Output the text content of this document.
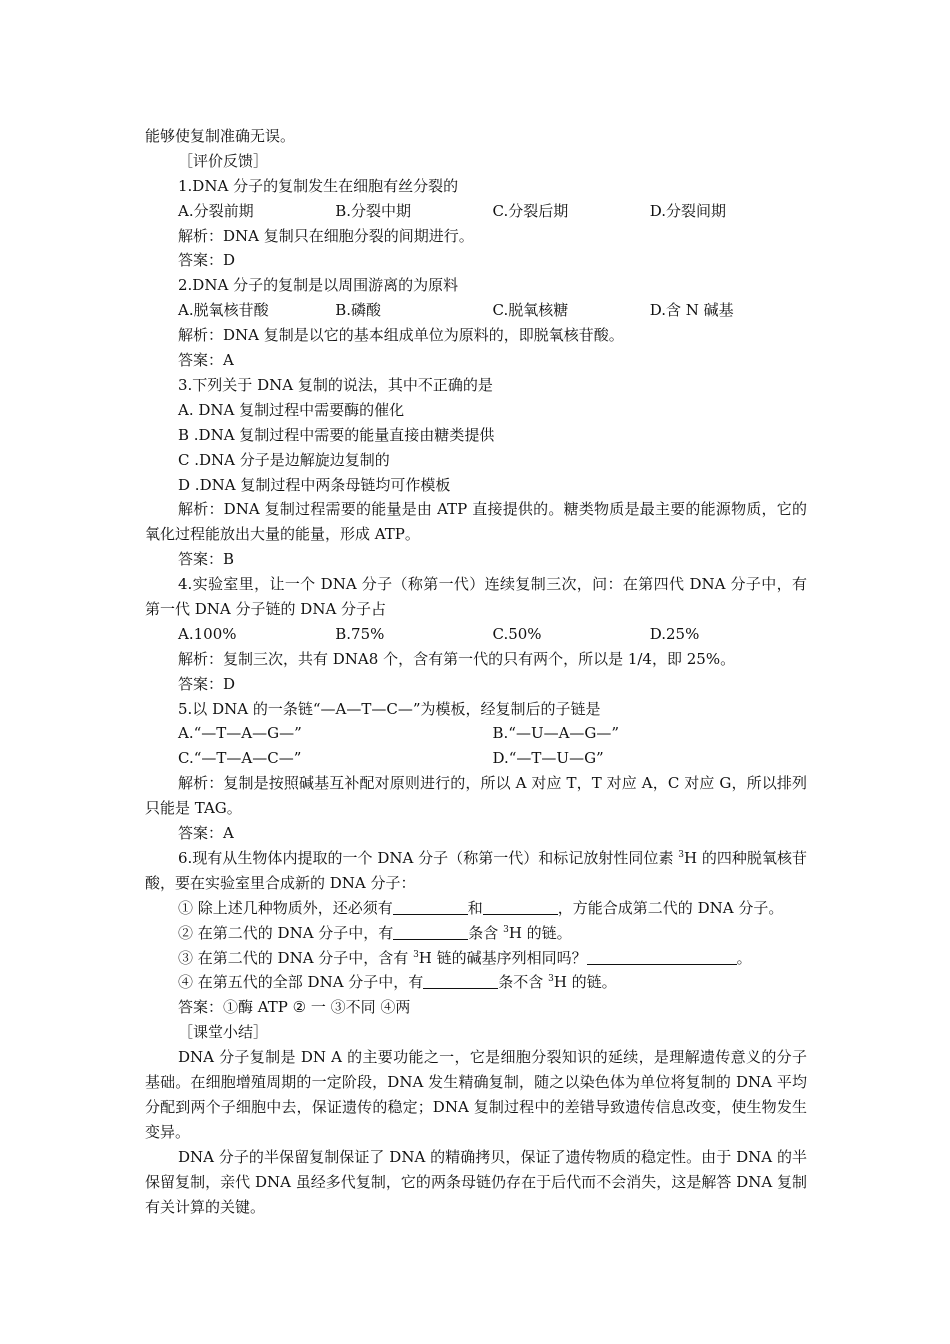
能够使复制准确无误。
［评价反馈］
1.DNA 分子的复制发生在细胞有丝分裂的
A.分裂前期	B.分裂中期	C.分裂后期	D.分裂间期
解析：DNA 复制只在细胞分裂的间期进行。
答案：D
2.DNA 分子的复制是以周围游离的为原料
A.脱氧核苷酸	B.磷酸	C.脱氧核糖	D.含 N 碱基
解析：DNA 复制是以它的基本组成单位为原料的，即脱氧核苷酸。
答案：A
3.下列关于 DNA 复制的说法，其中不正确的是
A. DNA 复制过程中需要酶的催化
B .DNA 复制过程中需要的能量直接由糖类提供
C .DNA 分子是边解旋边复制的
D .DNA 复制过程中两条母链均可作模板
解析：DNA 复制过程需要的能量是由 ATP 直接提供的。糖类物质是最主要的能源物质，它的氧化过程能放出大量的能量，形成 ATP。
答案：B
4.实验室里，让一个 DNA 分子（称第一代）连续复制三次，问：在第四代 DNA 分子中，有第一代 DNA 分子链的 DNA 分子占
A.100%	B.75%	C.50%	D.25%
解析：复制三次，共有 DNA8 个，含有第一代的只有两个，所以是 1/4，即 25%。
答案：D
5.以 DNA 的一条链“—A—T—C—”为模板，经复制后的子链是
A.“—T—A—G—”	B.“—U—A—G—”
C.“—T—A—C—”	D.“—T—U—G”
解析：复制是按照碱基互补配对原则进行的，所以 A 对应 T，T 对应 A，C 对应 G，所以排列只能是 TAG。
答案：A
6.现有从生物体内提取的一个 DNA 分子（称第一代）和标记放射性同位素 $^3$H 的四种脱氧核苷酸，要在实验室里合成新的 DNA 分子：
① 除上述几种物质外，还必须有	和	，方能合成第二代的 DNA 分子。
② 在第二代的 DNA 分子中，有	条含 $^3$H 的链。
③ 在第二代的 DNA 分子中，含有 $^3$H 链的碱基序列相同吗？	。
④ 在第五代的全部 DNA 分子中，有	条不含 $^3$H 的链。
答案：①酶 ATP ② 一 ③不同 ④两
［课堂小结］
DNA 分子复制是 DN A 的主要功能之一，它是细胞分裂知识的延续，是理解遗传意义的分子基础。在细胞增殖周期的一定阶段，DNA 发生精确复制，随之以染色体为单位将复制的 DNA 平均分配到两个子细胞中去，保证遗传的稳定；DNA 复制过程中的差错导致遗传信息改变，使生物发生变异。
DNA 分子的半保留复制保证了 DNA 的精确拷贝，保证了遗传物质的稳定性。由于 DNA 的半保留复制，亲代 DNA 虽经多代复制，它的两条母链仍存在于后代而不会消失，这是解答 DNA 复制有关计算的关键。
